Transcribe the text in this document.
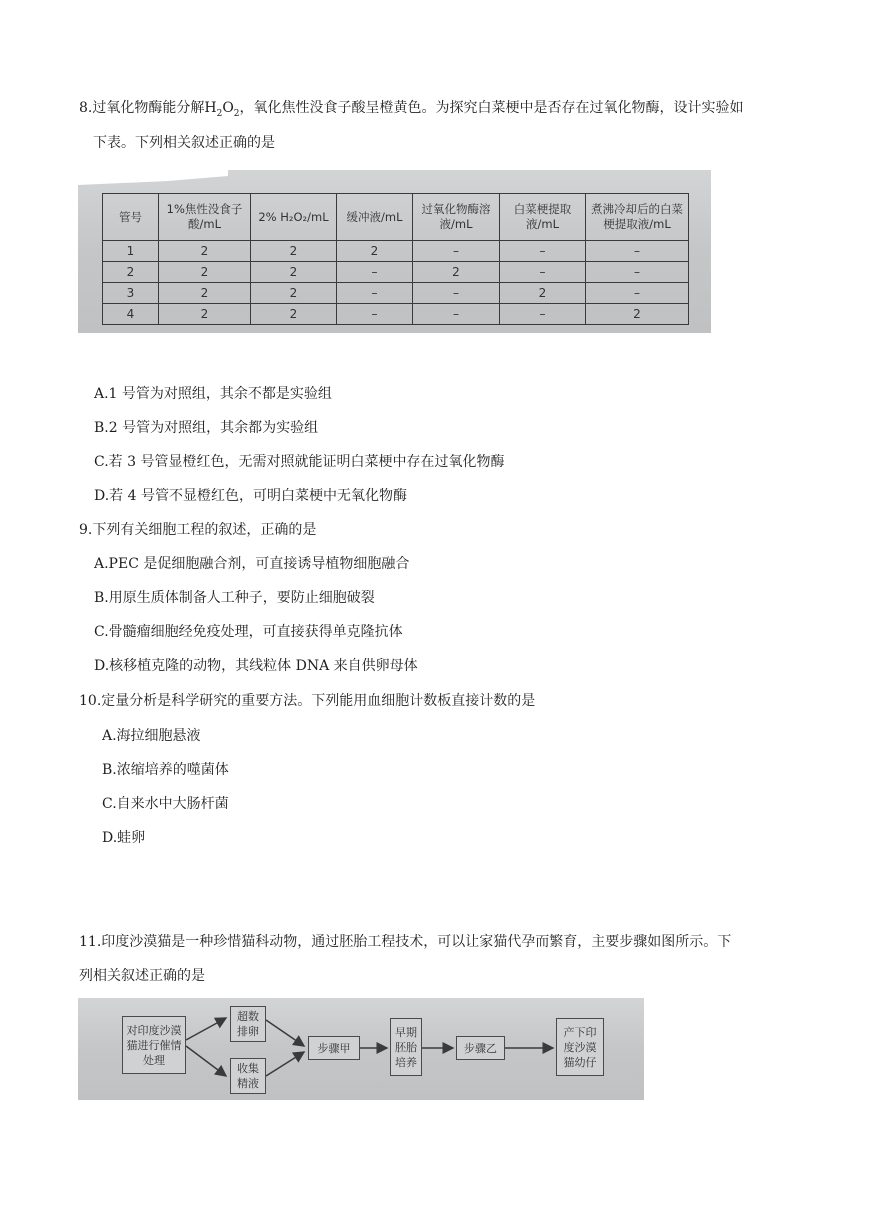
8.过氧化物酶能分解$H_2O_2$，氧化焦性没食子酸呈橙黄色。为探究白菜梗中是否存在过氧化物酶，设计实验如
下表。下列相关叙述正确的是
管号	1%焦性没食子酸/mL	2% H₂O₂/mL	缓冲液/mL	过氧化物酶溶液/mL	白菜梗提取液/mL	煮沸冷却后的白菜梗提取液/mL
1	2	2	2	–	–	–
2	2	2	–	2	–	–
3	2	2	–	–	2	–
4	2	2	–	–	–	2
A.1 号管为对照组，其余不都是实验组
B.2 号管为对照组，其余都为实验组
C.若 3 号管显橙红色，无需对照就能证明白菜梗中存在过氧化物酶
D.若 4 号管不显橙红色，可明白菜梗中无氧化物酶
9.下列有关细胞工程的叙述，正确的是
A.PEC 是促细胞融合剂，可直接诱导植物细胞融合
B.用原生质体制备人工种子，要防止细胞破裂
C.骨髓瘤细胞经免疫处理，可直接获得单克隆抗体
D.核移植克隆的动物，其线粒体 DNA 来自供卵母体
10.定量分析是科学研究的重要方法。下列能用血细胞计数板直接计数的是
A.海拉细胞悬液
B.浓缩培养的噬菌体
C.自来水中大肠杆菌
D.蛙卵
11.印度沙漠猫是一种珍惜猫科动物，通过胚胎工程技术，可以让家猫代孕而繁育，主要步骤如图所示。下
列相关叙述正确的是
对印度沙漠猫进行催情处理
超数排卵
收集精液
步骤甲
早期胚胎培养
步骤乙
产下印度沙漠猫幼仔
